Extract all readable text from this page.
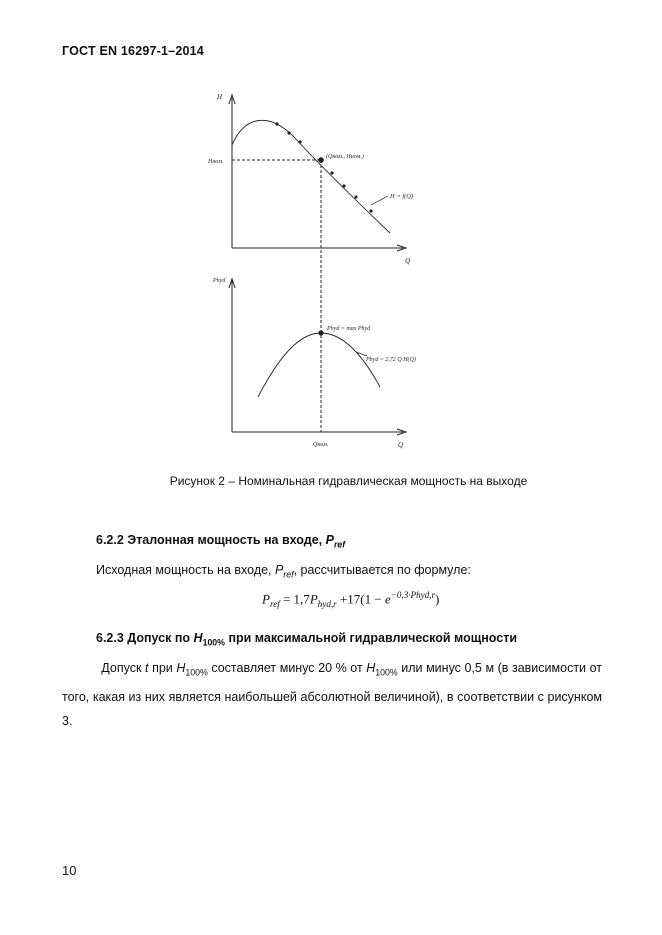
ГОСТ EN 16297-1–2014
H
Q
Hном.
(Qном., Hном.)
H = f(Q)
Phyd
Q
Qном.
Phyd = max Phyd
Phyd = 2,72 Q H(Q)
Рисунок 2 – Номинальная гидравлическая мощность на выходе
6.2.2 Эталонная мощность на входе, $P_{ref}$
Исходная мощность на входе, $P_{ref}$, рассчитывается по формуле:
$P_{ref} = 1,7P_{hyd,r} +17(1 - e^{-0,3\cdot Phyd,r})$
6.2.3 Допуск по $H_{100\%}$ при максимальной гидравлической мощности
Допуск t при $H_{100\%}$ составляет минус 20 % от $H_{100\%}$ или минус 0,5 м (в зависимости от того, какая из них является наибольшей абсолютной величиной), в соответствии с рисунком 3.
10
